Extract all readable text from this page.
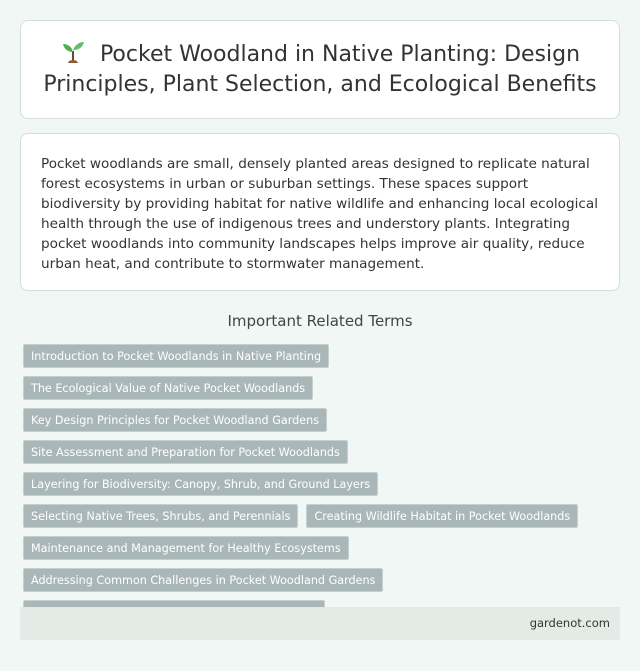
Pocket Woodland in Native Planting: Design Principles, Plant Selection, and Ecological Benefits

Pocket woodlands are small, densely planted areas designed to replicate natural forest ecosystems in urban or suburban settings. These spaces support biodiversity by providing habitat for native wildlife and enhancing local ecological health through the use of indigenous trees and understory plants. Integrating pocket woodlands into community landscapes helps improve air quality, reduce urban heat, and contribute to stormwater management.

Important Related Terms
Introduction to Pocket Woodlands in Native Planting
The Ecological Value of Native Pocket Woodlands
Key Design Principles for Pocket Woodland Gardens
Site Assessment and Preparation for Pocket Woodlands
Layering for Biodiversity: Canopy, Shrub, and Ground Layers
Selecting Native Trees, Shrubs, and Perennials	Creating Wildlife Habitat in Pocket Woodlands
Maintenance and Management for Healthy Ecosystems
Addressing Common Challenges in Pocket Woodland Gardens
gardenot.com
